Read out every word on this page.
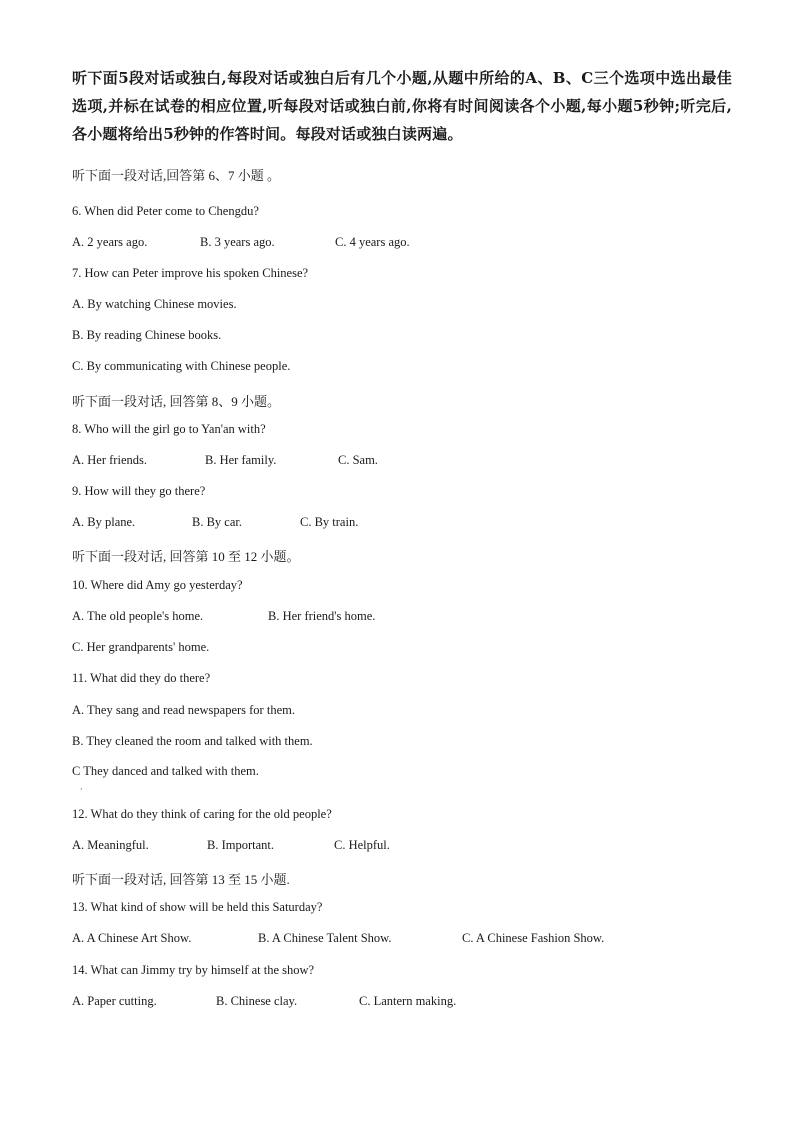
听下面5段对话或独白,每段对话或独白后有几个小题,从题中所给的A、B、C三个选项中选出最佳选项,并标在试卷的相应位置,听每段对话或独白前,你将有时间阅读各个小题,每小题5秒钟;听完后,各小题将给出5秒钟的作答时间。每段对话或独白读两遍。
听下面一段对话,回答第 6、7 小题 。
6. When did Peter come to Chengdu?
A. 2 years ago.	B. 3 years ago.	C. 4 years ago.
7. How can Peter improve his spoken Chinese?
A. By watching Chinese movies.
B. By reading Chinese books.
C. By communicating with Chinese people.
听下面一段对话, 回答第 8、9 小题。
8. Who will the girl go to Yan'an with?
A. Her friends.	B. Her family.	C. Sam.
9. How will they go there?
A. By plane.	B. By car.	C. By train.
听下面一段对话, 回答第 10 至 12 小题。
10. Where did Amy go yesterday?
A. The old people's home.	B. Her friend's home.
C. Her grandparents' home.
11. What did they do there?
A. They sang and read newspapers for them.
B. They cleaned the room and talked with them.
C They danced and talked with them.
·
12. What do they think of caring for the old people?
A. Meaningful.	B. Important.	C. Helpful.
听下面一段对话, 回答第 13 至 15 小题.
13. What kind of show will be held this Saturday?
A. A Chinese Art Show.	B. A Chinese Talent Show.	C. A Chinese Fashion Show.
14. What can Jimmy try by himself at the show?
A. Paper cutting.	B. Chinese clay.	C. Lantern making.
